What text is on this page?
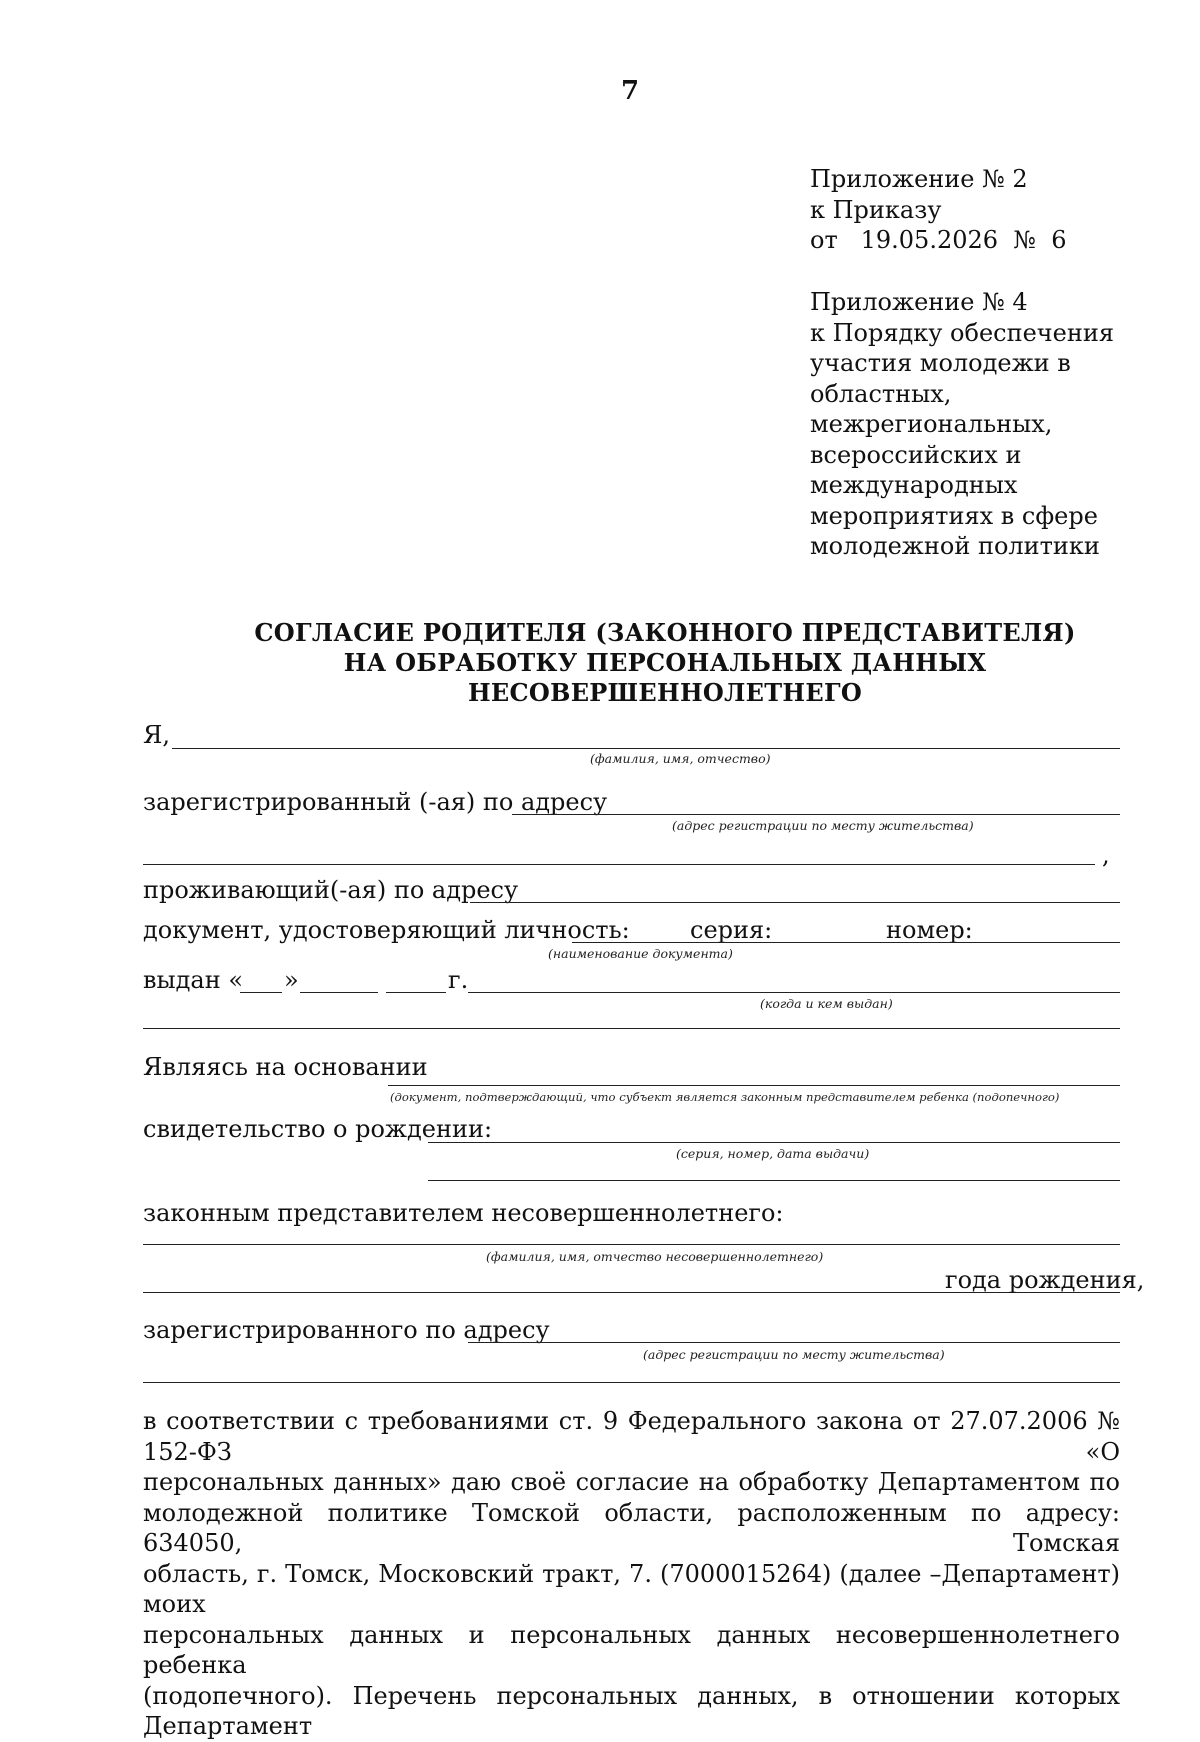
7
Приложение № 2
к Приказу
от   19.05.2026  №  6
Приложение № 4
к Порядку обеспечения
участия молодежи в
областных,
межрегиональных,
всероссийских и
международных
мероприятиях в сфере
молодежной политики
СОГЛАСИЕ РОДИТЕЛЯ (ЗАКОННОГО ПРЕДСТАВИТЕЛЯ)
НА ОБРАБОТКУ ПЕРСОНАЛЬНЫХ ДАННЫХ
НЕСОВЕРШЕННОЛЕТНЕГО
Я,
(фамилия, имя, отчество)
зарегистрированный (-ая) по адресу
(адрес регистрации по месту жительства)
,
проживающий(-ая) по адресу
документ, удостоверяющий личность:	серия:	номер:
(наименование документа)
выдан « »	г.
(когда и кем выдан)
Являясь на основании
(документ, подтверждающий, что субъект является законным представителем ребенка (подопечного)
свидетельство о рождении:
(серия, номер, дата выдачи)
законным представителем несовершеннолетнего:
(фамилия, имя, отчество несовершеннолетнего)
года рождения,
зарегистрированного по адресу
(адрес регистрации по месту жительства)
в соответствии с требованиями ст. 9 Федерального закона от 27.07.2006 № 152-ФЗ «О
персональных данных» даю своё согласие на обработку Департаментом по
молодежной политике Томской области, расположенным по адресу: 634050, Томская
область, г. Томск, Московский тракт, 7. (7000015264) (далее –Департамент) моих
персональных данных и персональных данных несовершеннолетнего ребенка
(подопечного). Перечень персональных данных, в отношении которых Департамент
